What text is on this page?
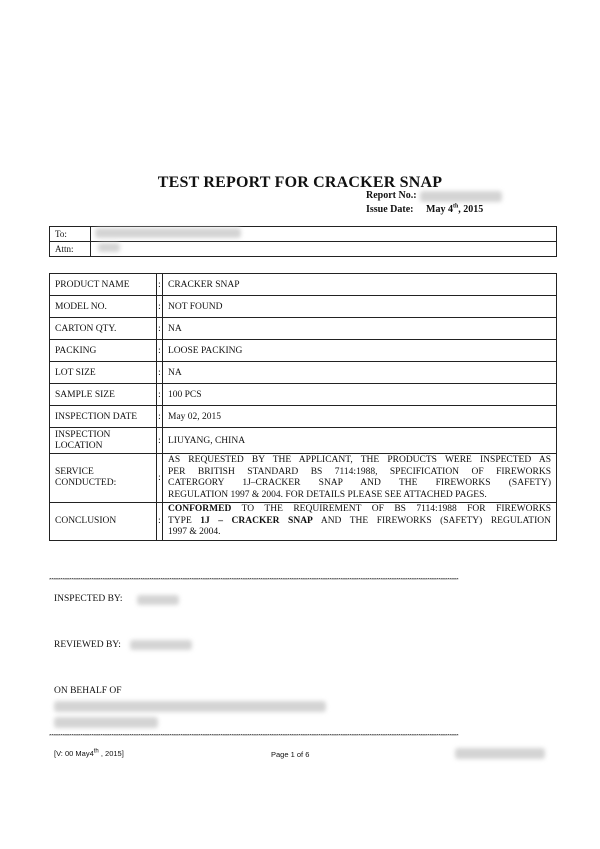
TEST REPORT FOR CRACKER SNAP
Report No.:
Issue Date: May 4th, 2015
To:	
Attn:	
PRODUCT NAME	:	CRACKER SNAP
MODEL NO.	:	NOT FOUND
CARTON QTY.	:	NA
PACKING	:	LOOSE PACKING
LOT SIZE	:	NA
SAMPLE SIZE	:	100 PCS
INSPECTION DATE	:	May 02, 2015
INSPECTION LOCATION	:	LIUYANG, CHINA
SERVICE CONDUCTED:	:	AS REQUESTED BY THE APPLICANT, THE PRODUCTS WERE INSPECTED AS
PER BRITISH STANDARD BS 7114:1988, SPECIFICATION OF FIREWORKS
CATERGORY 1J–CRACKER SNAP AND THE FIREWORKS (SAFETY)
REGULATION 1997 & 2004. FOR DETAILS PLEASE SEE ATTACHED PAGES.

CONCLUSION	:	CONFORMED TO THE REQUIREMENT OF BS 7114:1988 FOR FIREWORKS
TYPE 1J – CRACKER SNAP AND THE FIREWORKS (SAFETY) REGULATION
1997 & 2004.
****************************************************************************************************************************************************************************************
INSPECTED BY:
REVIEWED BY:
ON BEHALF OF
****************************************************************************************************************************************************************************************
[V: 00 May4th , 2015]	Page 1 of 6
